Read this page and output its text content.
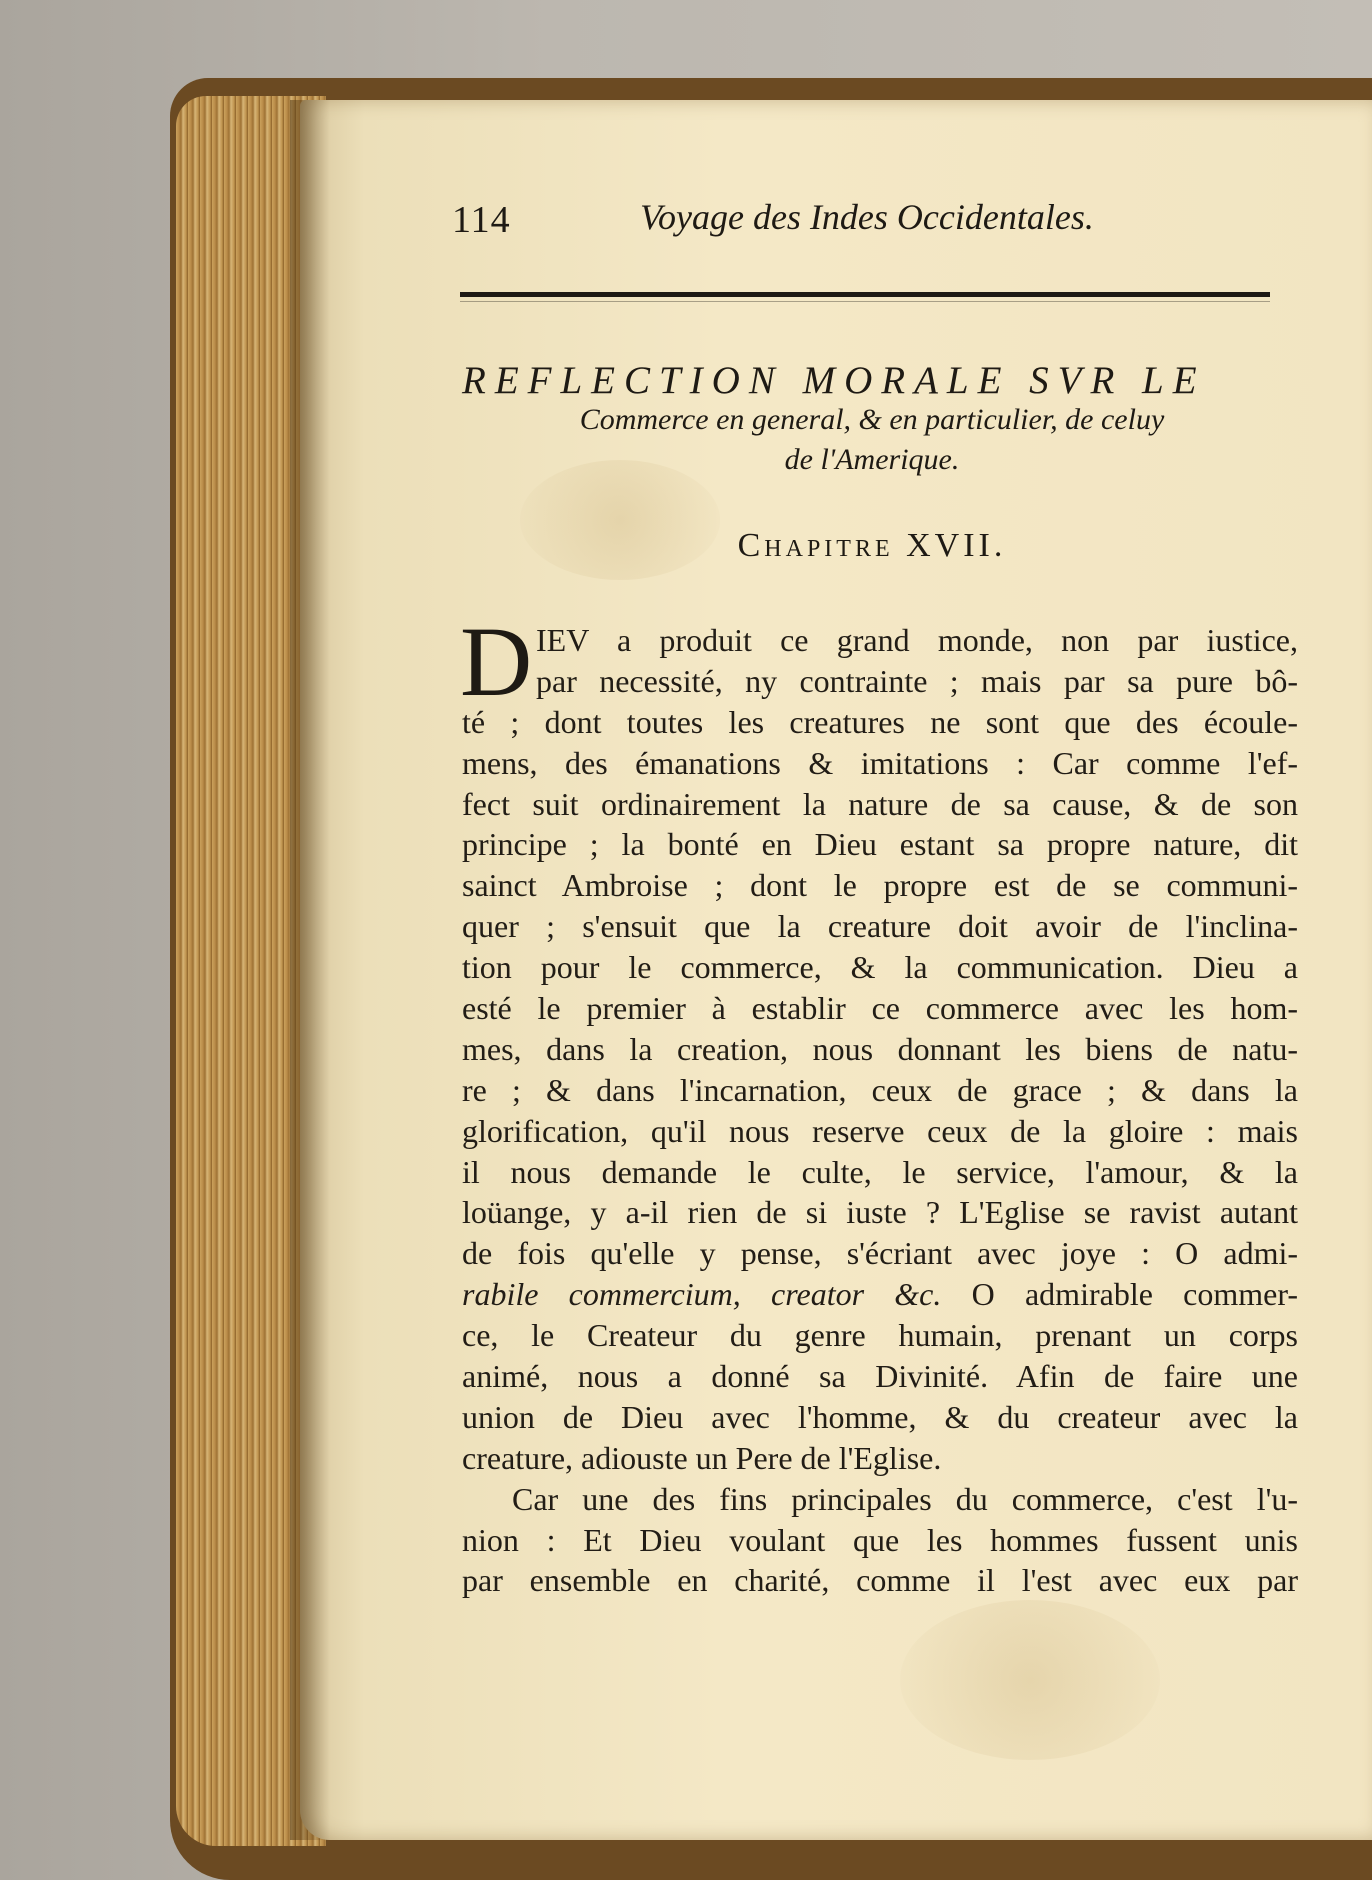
114	Voyage des Indes Occidentales.
REFLECTION MORALE SVR LE
Commerce en general, & en particulier, de celuy
de l'Amerique.
Chapitre XVII.
D IEV a produit ce grand monde, non par iustice,
par necessité, ny contrainte ; mais par sa pure bô-
té ; dont toutes les creatures ne sont que des écoule-
mens, des émanations & imitations : Car comme l'ef-
fect suit ordinairement la nature de sa cause, & de son
principe ; la bonté en Dieu estant sa propre nature, dit
sainct Ambroise ; dont le propre est de se communi-
quer ; s'ensuit que la creature doit avoir de l'inclina-
tion pour le commerce, & la communication. Dieu a
esté le premier à establir ce commerce avec les hom-
mes, dans la creation, nous donnant les biens de natu-
re ; & dans l'incarnation, ceux de grace ; & dans la
glorification, qu'il nous reserve ceux de la gloire : mais
il nous demande le culte, le service, l'amour, & la
loüange, y a-il rien de si iuste ? L'Eglise se ravist autant
de fois qu'elle y pense, s'écriant avec joye : O admi-
rabile commercium, creator &c. O admirable commer-
ce, le Createur du genre humain, prenant un corps
animé, nous a donné sa Divinité. Afin de faire une
union de Dieu avec l'homme, & du createur avec la
creature, adiouste un Pere de l'Eglise.
Car une des fins principales du commerce, c'est l'u-
nion : Et Dieu voulant que les hommes fussent unis
par ensemble en charité, comme il l'est avec eux par
